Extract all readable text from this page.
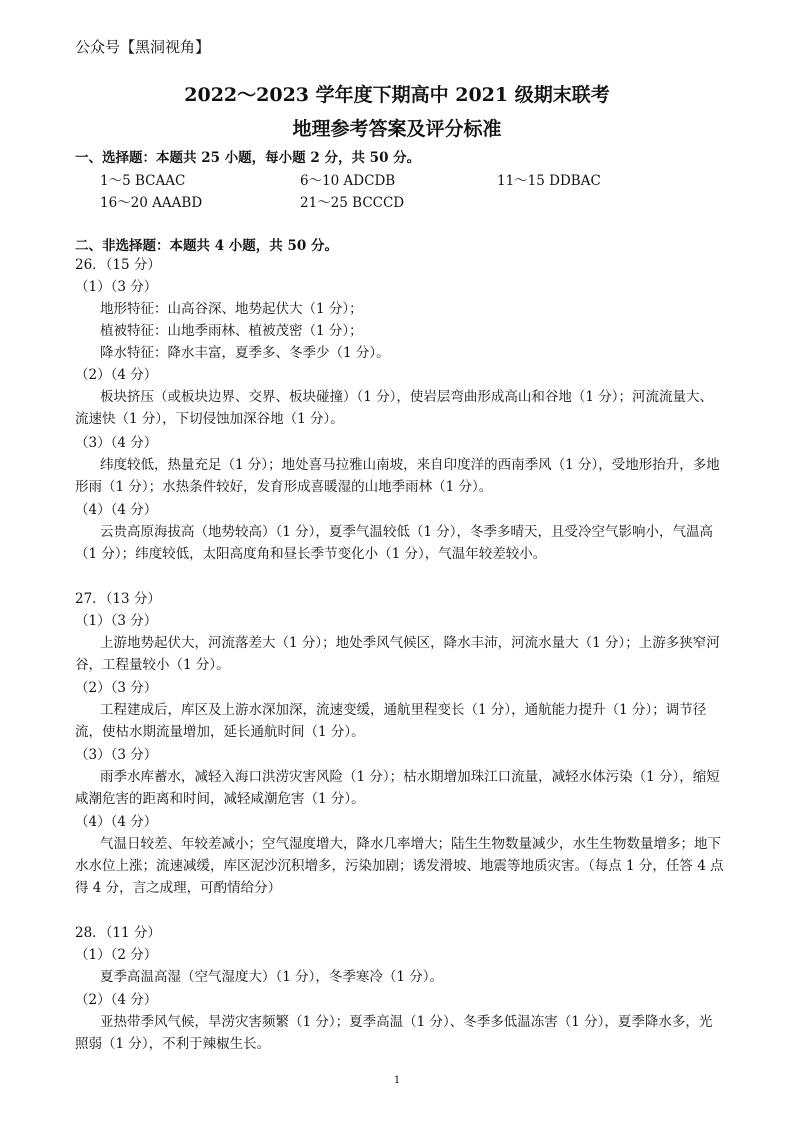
公众号【黑洞视角】
2022～2023 学年度下期高中 2021 级期末联考
地理参考答案及评分标准
一、选择题：本题共 25 小题，每小题 2 分，共 50 分。
1～5 BCAAC	6～10 ADCDB	11～15 DDBAC
16～20 AAABD	21～25 BCCCD
二、非选择题：本题共 4 小题，共 50 分。
26．（15 分）
（1）（3 分）
地形特征：山高谷深、地势起伏大（1 分）；
植被特征：山地季雨林、植被茂密（1 分）；
降水特征：降水丰富，夏季多、冬季少（1 分）。
（2）（4 分）
板块挤压（或板块边界、交界、板块碰撞）（1 分），使岩层弯曲形成高山和谷地（1 分）；河流流量大、流速快（1 分），下切侵蚀加深谷地（1 分）。
（3）（4 分）
纬度较低，热量充足（1 分）；地处喜马拉雅山南坡，来自印度洋的西南季风（1 分），受地形抬升，多地形雨（1 分）；水热条件较好，发育形成喜暖湿的山地季雨林（1 分）。
（4）（4 分）
云贵高原海拔高（地势较高）（1 分），夏季气温较低（1 分），冬季多晴天，且受冷空气影响小，气温高（1 分）；纬度较低，太阳高度角和昼长季节变化小（1 分），气温年较差较小。
27．（13 分）
（1）（3 分）
上游地势起伏大，河流落差大（1 分）；地处季风气候区，降水丰沛，河流水量大（1 分）；上游多狭窄河谷，工程量较小（1 分）。
（2）（3 分）
工程建成后，库区及上游水深加深，流速变缓，通航里程变长（1 分），通航能力提升（1 分）；调节径流，使枯水期流量增加，延长通航时间（1 分）。
（3）（3 分）
雨季水库蓄水，减轻入海口洪涝灾害风险（1 分）；枯水期增加珠江口流量，减轻水体污染（1 分），缩短咸潮危害的距离和时间，减轻咸潮危害（1 分）。
（4）（4 分）
气温日较差、年较差减小；空气湿度增大，降水几率增大；陆生生物数量减少，水生生物数量增多；地下水水位上涨；流速减缓，库区泥沙沉积增多，污染加剧；诱发滑坡、地震等地质灾害。（每点 1 分，任答 4 点得 4 分，言之成理，可酌情给分）
28．（11 分）
（1）（2 分）
夏季高温高湿（空气湿度大）（1 分），冬季寒冷（1 分）。
（2）（4 分）
亚热带季风气候，旱涝灾害频繁（1 分）；夏季高温（1 分）、冬季多低温冻害（1 分），夏季降水多，光照弱（1 分），不利于辣椒生长。
1
